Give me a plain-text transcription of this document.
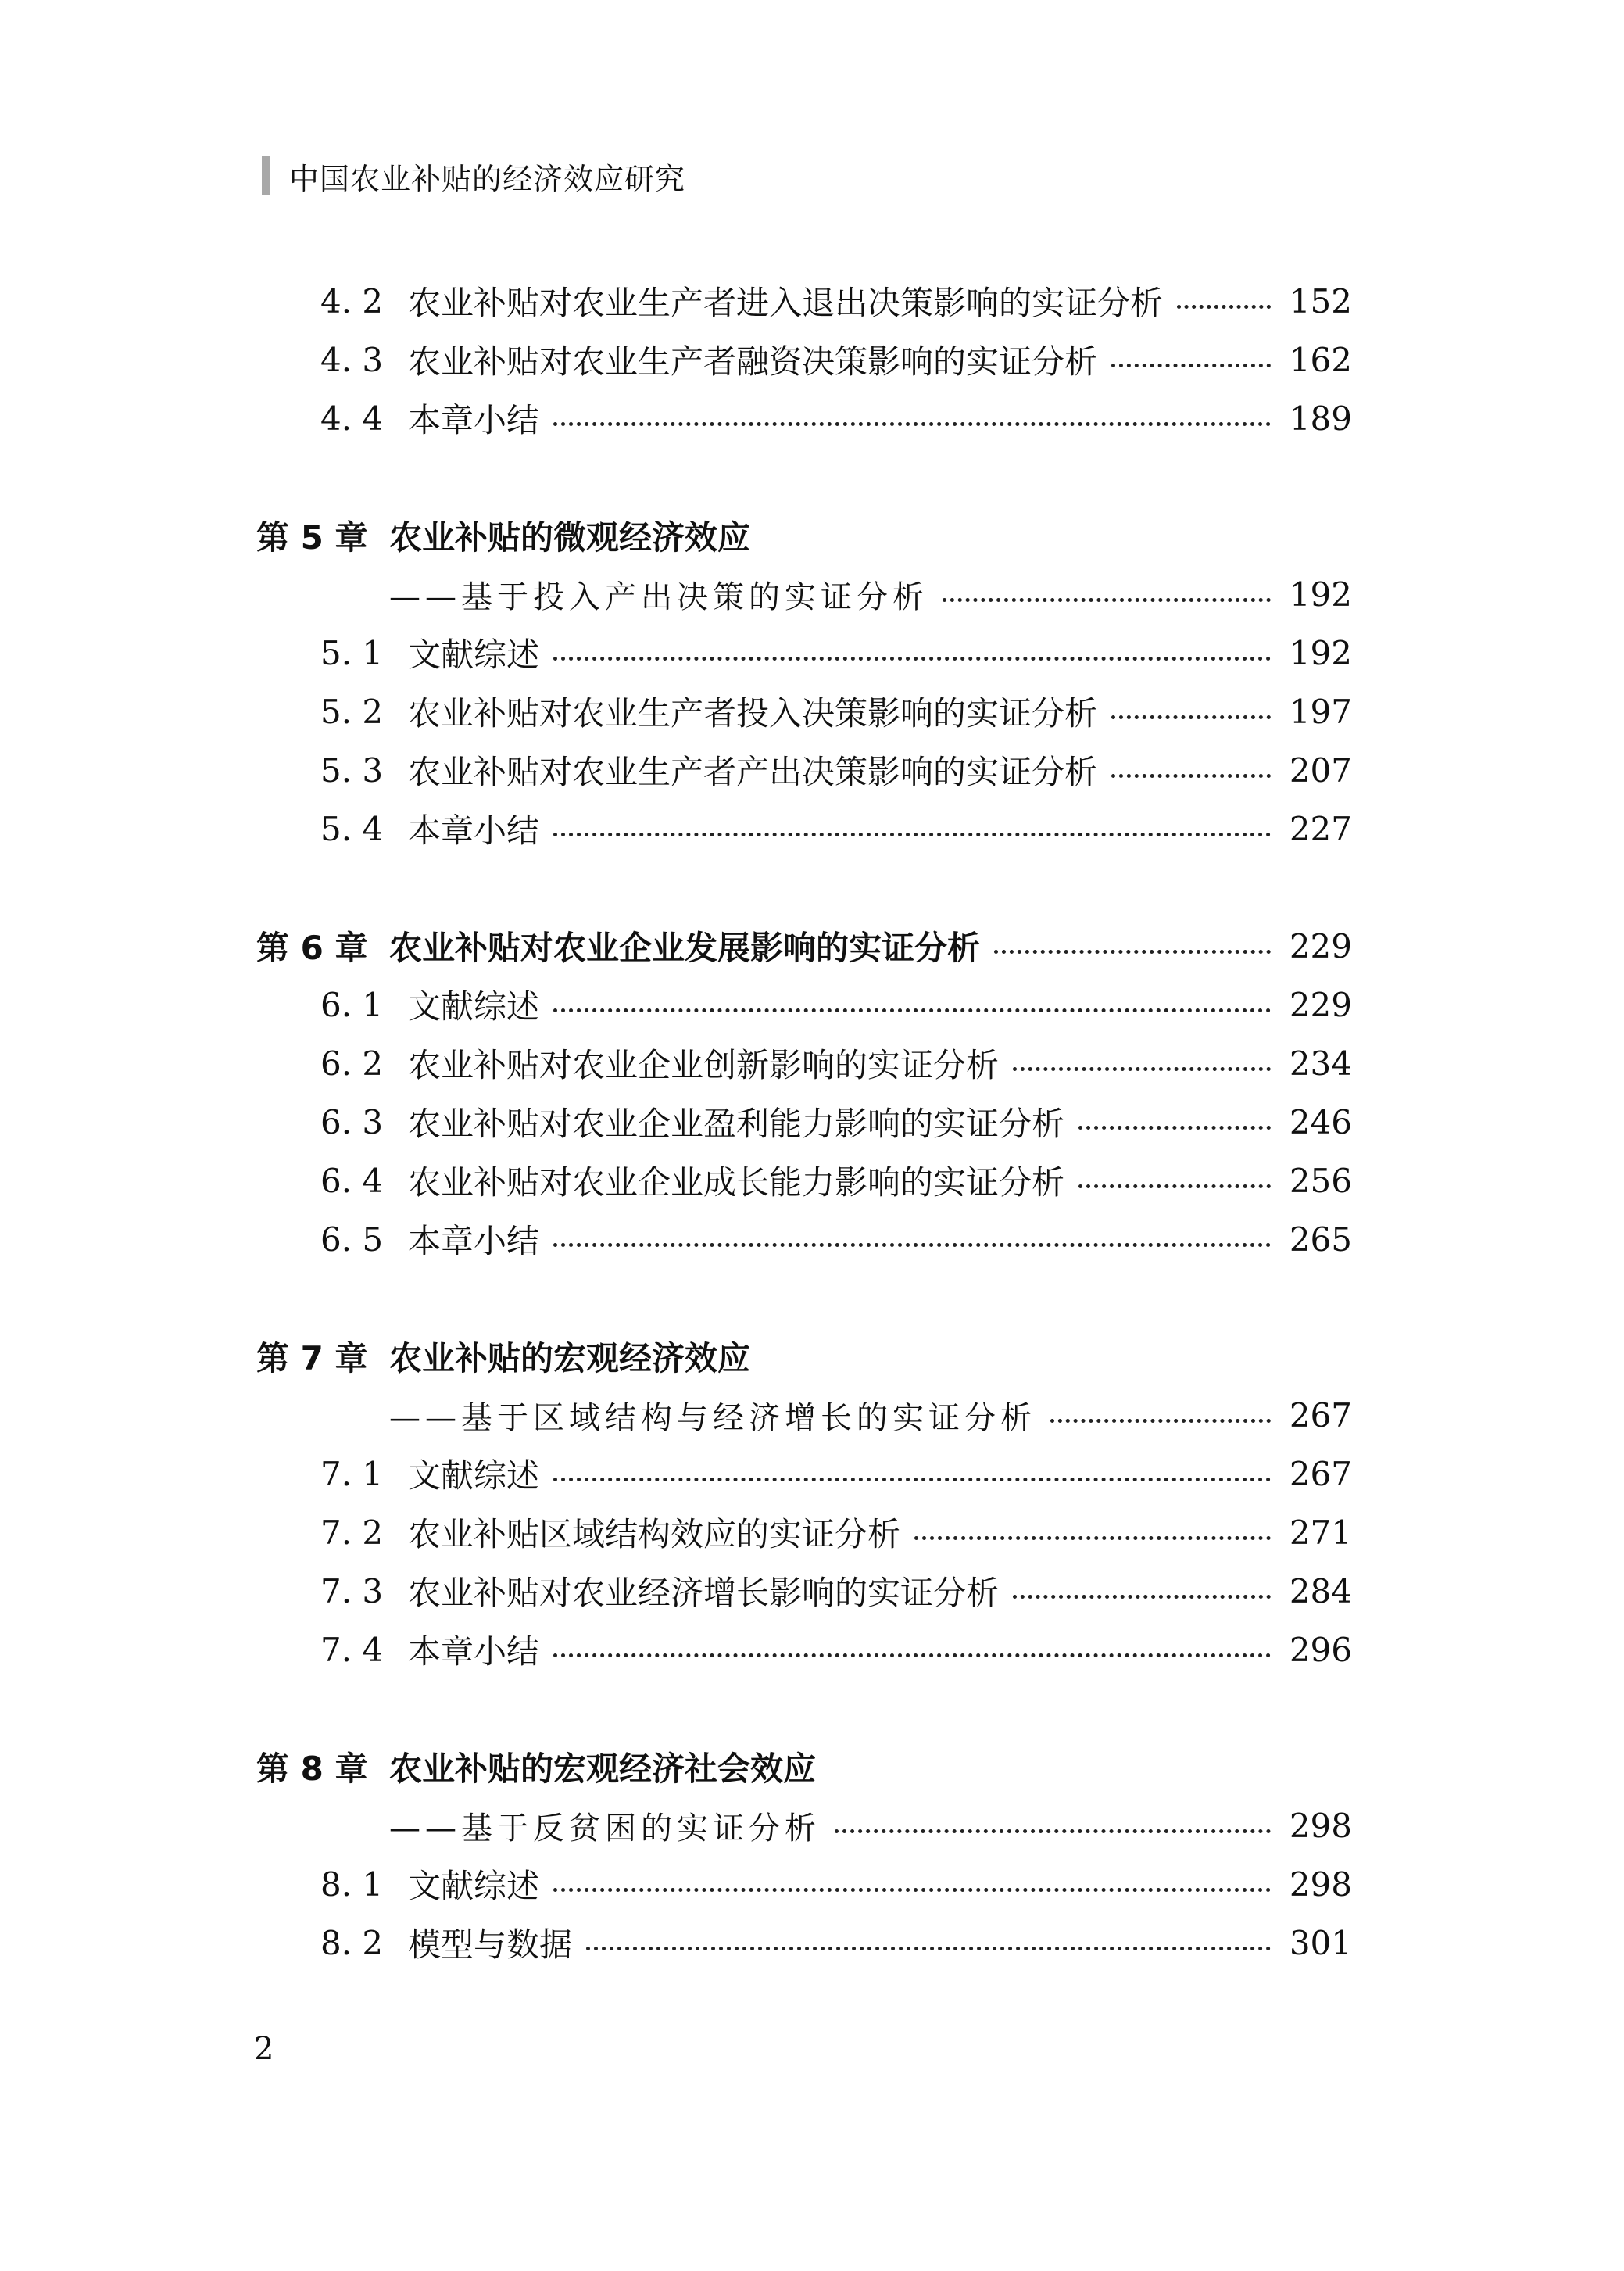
中国农业补贴的经济效应研究
4. 2 农业补贴对农业生产者进入退出决策影响的实证分析	152
4. 3 农业补贴对农业生产者融资决策影响的实证分析	162
4. 4 本章小结	189
第 5 章 农业补贴的微观经济效应
——基于投入产出决策的实证分析	192
5. 1 文献综述	192
5. 2 农业补贴对农业生产者投入决策影响的实证分析	197
5. 3 农业补贴对农业生产者产出决策影响的实证分析	207
5. 4 本章小结	227
第 6 章 农业补贴对农业企业发展影响的实证分析	229
6. 1 文献综述	229
6. 2 农业补贴对农业企业创新影响的实证分析	234
6. 3 农业补贴对农业企业盈利能力影响的实证分析	246
6. 4 农业补贴对农业企业成长能力影响的实证分析	256
6. 5 本章小结	265
第 7 章 农业补贴的宏观经济效应
——基于区域结构与经济增长的实证分析	267
7. 1 文献综述	267
7. 2 农业补贴区域结构效应的实证分析	271
7. 3 农业补贴对农业经济增长影响的实证分析	284
7. 4 本章小结	296
第 8 章 农业补贴的宏观经济社会效应
——基于反贫困的实证分析	298
8. 1 文献综述	298
8. 2 模型与数据	301
2
